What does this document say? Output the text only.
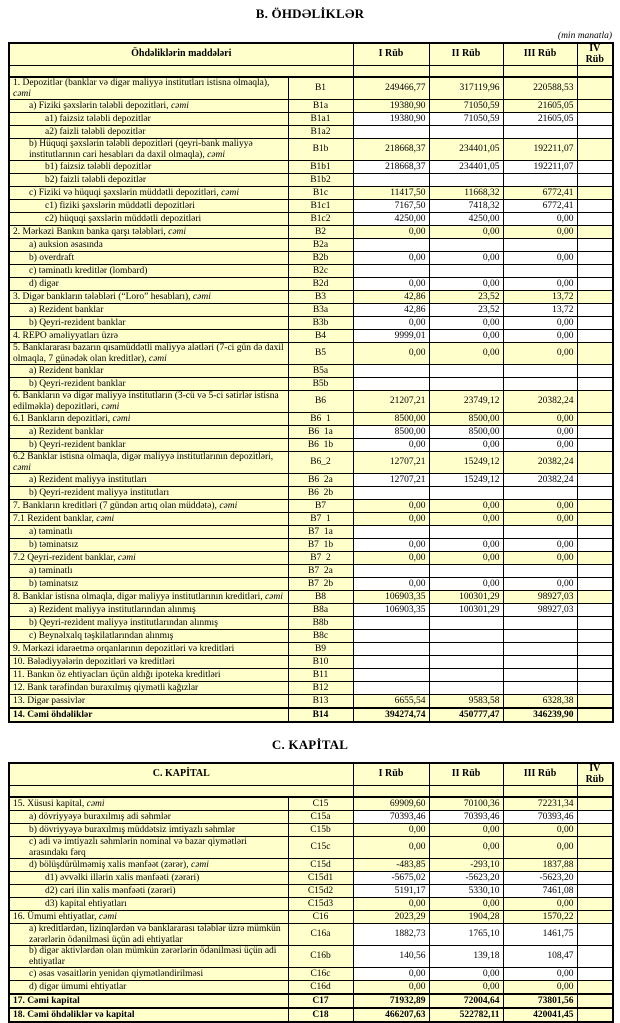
B. ÖHDƏLİKLƏR
(min manatla)
Öhdəliklərin maddələri		I Rüb	II Rüb	III Rüb	IV Rüb

1. Depozitlər (banklar və digər maliyyə institutları istisna olmaqla),cəmi	B1	249466,77	317119,96	220588,53	
a) Fiziki şəxslərin tələbli depozitləri, cəmi	B1a	19380,90	71050,59	21605,05	
a1) faizsiz tələbli depozitlər	B1a1	19380,90	71050,59	21605,05	
a2) faizli tələbli depozitlər	B1a2				
b) Hüquqi şəxslərin tələbli depozitləri (qeyri-bank maliyyə institutlarının cari hesabları da daxil olmaqla), cəmi	B1b	218668,37	234401,05	192211,07	
b1) faizsiz tələbli depozitlər	B1b1	218668,37	234401,05	192211,07	
b2) faizli tələbli depozitlər	B1b2				
c) Fiziki və hüquqi şəxslərin müddətli depozitləri, cəmi	B1c	11417,50	11668,32	6772,41	
c1) fiziki şəxslərin müddətli depozitləri	B1c1	7167,50	7418,32	6772,41	
c2) hüquqi şəxslərin müddətli depozitləri	B1c2	4250,00	4250,00	0,00	
2. Mərkəzi Bankın banka qarşı tələbləri, cəmi	B2	0,00	0,00	0,00	
a) auksion əsasında	B2a				
b) overdraft	B2b	0,00	0,00	0,00	
c) təminatlı kreditlər (lombard)	B2c				
d) digər	B2d	0,00	0,00	0,00	
3. Digər bankların tələbləri (“Loro” hesabları), cəmi	B3	42,86	23,52	13,72	
a) Rezident banklar	B3a	42,86	23,52	13,72	
b) Qeyri-rezident banklar	B3b	0,00	0,00	0,00	
4. REPO əməliyyatları üzrə	B4	9999,01	0,00	0,00	
5. Banklararası bazarın qısamüddətli maliyyə alətləri (7-ci gün də daxil olmaqla, 7 günədək olan kreditlər), cəmi	B5	0,00	0,00	0,00	
a) Rezident banklar	B5a				
b) Qeyri-rezident banklar	B5b				
6. Bankların və digər maliyyə institutların (3-cü və 5-ci sətirlər istisna edilməklə) depozitləri, cəmi	B6	21207,21	23749,12	20382,24	
6.1 Bankların depozitləri, cəmi	B6  1	8500,00	8500,00	0,00	
a) Rezident banklar	B6  1a	8500,00	8500,00	0,00	
b) Qeyri-rezident banklar	B6  1b	0,00	0,00	0,00	
6.2 Banklar istisna olmaqla, digər maliyyə institutlarının depozitləri,cəmi	B6_2	12707,21	15249,12	20382,24	
a) Rezident maliyyə institutları	B6  2a	12707,21	15249,12	20382,24	
b) Qeyri-rezident maliyyə institutları	B6  2b				
7. Bankların kreditləri (7 gündən artıq olan müddətə), cəmi	B7	0,00	0,00	0,00	
7.1 Rezident banklar, cəmi	B7  1	0,00	0,00	0,00	
a) təminatlı	B7  1a				
b) təminatsız	B7  1b	0,00	0,00	0,00	
7.2 Qeyri-rezident banklar, cəmi	B7  2	0,00	0,00	0,00	
a) təminatlı	B7  2a				
b) təminatsız	B7  2b	0,00	0,00	0,00	
8. Banklar istisna olmaqla, digər maliyyə institutlarının kreditləri, cəmi	B8	106903,35	100301,29	98927,03	
a) Rezident maliyyə institutlarından alınmış	B8a	106903,35	100301,29	98927,03	
b) Qeyri-rezident maliyyə institutlarından alınmış	B8b				
c) Beynəlxalq təşkilatlarından alınmış	B8c				
9. Mərkəzi idarəetmə orqanlarının depozitləri və kreditləri	B9				
10. Bələdiyyələrin depozitləri və kreditləri	B10				
11. Bankın öz ehtiyacları üçün aldığı ipoteka kreditləri	B11				
12. Bank tərəfindən buraxılmış qiymətli kağızlar	B12				
13. Digər passivlər	B13	6655,54	9583,58	6328,38	
14. Cəmi öhdəliklər	B14	394274,74	450777,47	346239,90	
C. KAPİTAL
C. KAPİTAL		I Rüb	II Rüb	III Rüb	IV Rüb

15. Xüsusi kapital, cəmi	C15	69909,60	70100,36	72231,34	
a) dövriyyəyə buraxılmış adi səhmlər	C15a	70393,46	70393,46	70393,46	
b) dövriyyəyə buraxılmış müddətsiz imtiyazlı səhmlər	C15b	0,00	0,00	0,00	
c) adi və imtiyazlı səhmlərin nominal və bazar qiymətləri arasındakı fərq	C15c	0,00	0,00	0,00	
d) bölüşdürülməmiş xalis mənfəət (zərər), cəmi	C15d	-483,85	-293,10	1837,88	
d1) əvvəlki illərin xalis mənfəəti (zərəri)	C15d1	-5675,02	-5623,20	-5623,20	
d2) cari ilin xalis mənfəəti (zərəri)	C15d2	5191,17	5330,10	7461,08	
d3) kapital ehtiyatları	C15d3	0,00	0,00	0,00	
16. Ümumi ehtiyatlar, cəmi	C16	2023,29	1904,28	1570,22	
a) kreditlərdən, lizinqlərdən və banklararası tələblər üzrə mümkün zərərlərin ödənilməsi üçün adi ehtiyatlar	C16a	1882,73	1765,10	1461,75	
b) digər aktivlərdən olan mümkün zərərlərin ödənilməsi üçün adi ehtiyatlar	C16b	140,56	139,18	108,47	
c) əsas vəsaitlərin yenidən qiymətləndirilməsi	C16c	0,00	0,00	0,00	
d) digər ümumi ehtiyatlar	C16d	0,00	0,00	0,00	
17. Cəmi kapital	C17	71932,89	72004,64	73801,56	
18. Cəmi öhdəliklər və kapital	C18	466207,63	522782,11	420041,45	
